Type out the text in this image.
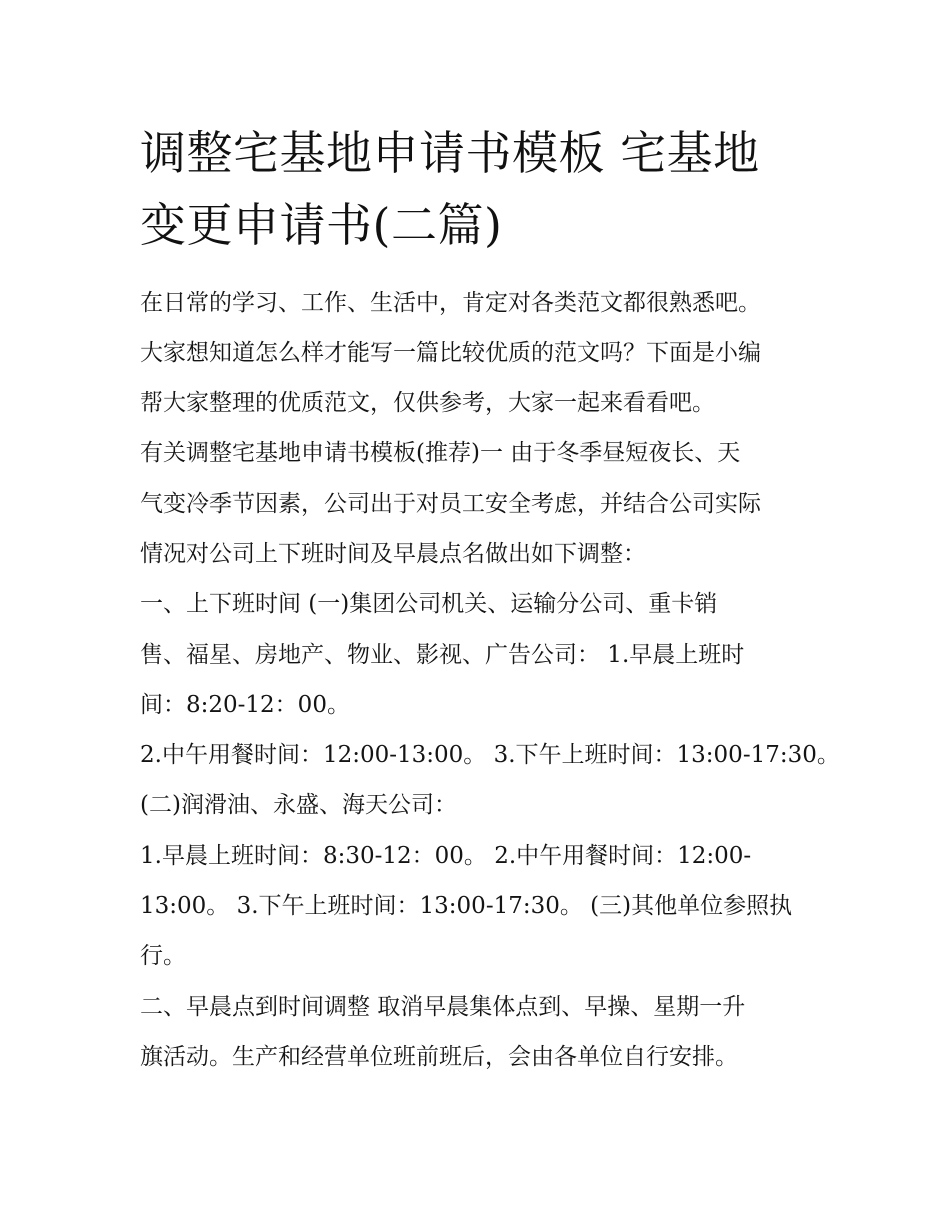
调整宅基地申请书模板 宅基地
变更申请书(二篇)
在日常的学习、工作、生活中，肯定对各类范文都很熟悉吧。
大家想知道怎么样才能写一篇比较优质的范文吗？下面是小编
帮大家整理的优质范文，仅供参考，大家一起来看看吧。
有关调整宅基地申请书模板(推荐)一 由于冬季昼短夜长、天
气变冷季节因素，公司出于对员工安全考虑，并结合公司实际
情况对公司上下班时间及早晨点名做出如下调整：
一、上下班时间 (一)集团公司机关、运输分公司、重卡销
售、福星、房地产、物业、影视、广告公司： 1.早晨上班时
间：8:20-12：00。
2.中午用餐时间：12:00-13:00。 3.下午上班时间：13:00-17:30。
(二)润滑油、永盛、海天公司：
1.早晨上班时间：8:30-12：00。 2.中午用餐时间：12:00-
13:00。 3.下午上班时间：13:00-17:30。 (三)其他单位参照执
行。
二、早晨点到时间调整 取消早晨集体点到、早操、星期一升
旗活动。生产和经营单位班前班后，会由各单位自行安排。
